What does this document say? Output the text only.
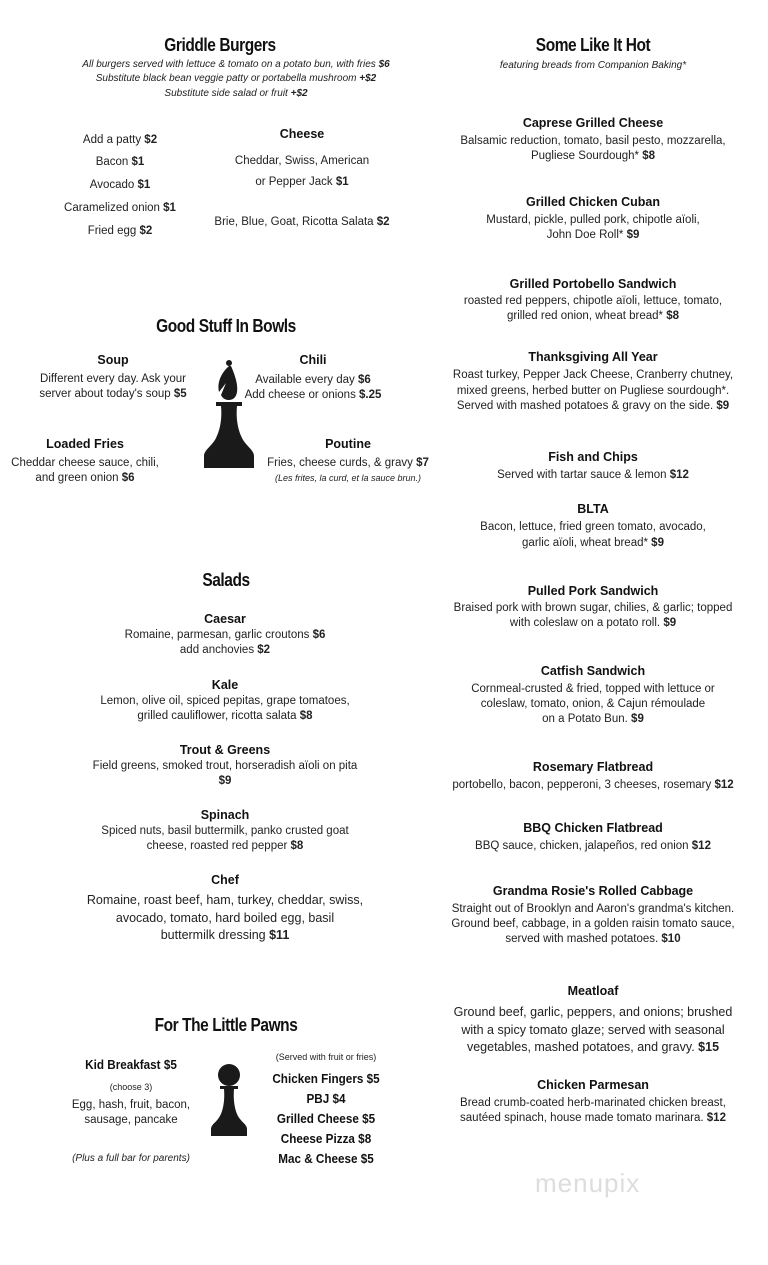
Griddle Burgers
All burgers served with lettuce & tomato on a potato bun, with fries $6
Substitute black bean veggie patty or portabella mushroom +$2
Substitute side salad or fruit +$2
Add a patty $2
Bacon $1
Avocado $1
Caramelized onion $1
Fried egg $2
Cheese
Cheddar, Swiss, American
or Pepper Jack $1
Brie, Blue, Goat, Ricotta Salata $2
Good Stuff In Bowls
Soup
Different every day. Ask your
server about today's soup $5
Chili
Available every day $6
Add cheese or onions $.25
Loaded Fries
Cheddar cheese sauce, chili,
and green onion $6
Poutine
Fries, cheese curds, & gravy $7
(Les frites, la curd, et la sauce brun.)
Salads
Caesar
Romaine, parmesan, garlic croutons $6
add anchovies $2
Kale
Lemon, olive oil, spiced pepitas, grape tomatoes,
grilled cauliflower, ricotta salata $8
Trout & Greens
Field greens, smoked trout, horseradish aïoli on pita
$9
Spinach
Spiced nuts, basil buttermilk, panko crusted goat
cheese, roasted red pepper $8
Chef
Romaine, roast beef, ham, turkey, cheddar, swiss,
avocado, tomato, hard boiled egg, basil
buttermilk dressing $11
For The Little Pawns
Kid Breakfast $5
(choose 3)
Egg, hash, fruit, bacon,
sausage, pancake
(Plus a full bar for parents)
(Served with fruit or fries)
Chicken Fingers $5
PBJ $4
Grilled Cheese $5
Cheese Pizza $8
Mac & Cheese $5
Some Like It Hot
featuring breads from Companion Baking*
Caprese Grilled Cheese
Balsamic reduction, tomato, basil pesto, mozzarella,
Pugliese Sourdough* $8
Grilled Chicken Cuban
Mustard, pickle, pulled pork, chipotle aïoli,
John Doe Roll* $9
Grilled Portobello Sandwich
roasted red peppers, chipotle aïoli, lettuce, tomato,
grilled red onion, wheat bread* $8
Thanksgiving All Year
Roast turkey, Pepper Jack Cheese, Cranberry chutney,
mixed greens, herbed butter on Pugliese sourdough*.
Served with mashed potatoes & gravy on the side. $9
Fish and Chips
Served with tartar sauce & lemon $12
BLTA
Bacon, lettuce, fried green tomato, avocado,
garlic aïoli, wheat bread* $9
Pulled Pork Sandwich
Braised pork with brown sugar, chilies, & garlic; topped
with coleslaw on a potato roll. $9
Catfish Sandwich
Cornmeal-crusted & fried, topped with lettuce or
coleslaw, tomato, onion, & Cajun rémoulade
on a Potato Bun. $9
Rosemary Flatbread
portobello, bacon, pepperoni, 3 cheeses, rosemary $12
BBQ Chicken Flatbread
BBQ sauce, chicken, jalapeños, red onion $12
Grandma Rosie's Rolled Cabbage
Straight out of Brooklyn and Aaron's grandma's kitchen.
Ground beef, cabbage, in a golden raisin tomato sauce,
served with mashed potatoes. $10
Meatloaf
Ground beef, garlic, peppers, and onions; brushed
with a spicy tomato glaze; served with seasonal
vegetables, mashed potatoes, and gravy. $15
Chicken Parmesan
Bread crumb-coated herb-marinated chicken breast,
sautéed spinach, house made tomato marinara. $12
menupix
